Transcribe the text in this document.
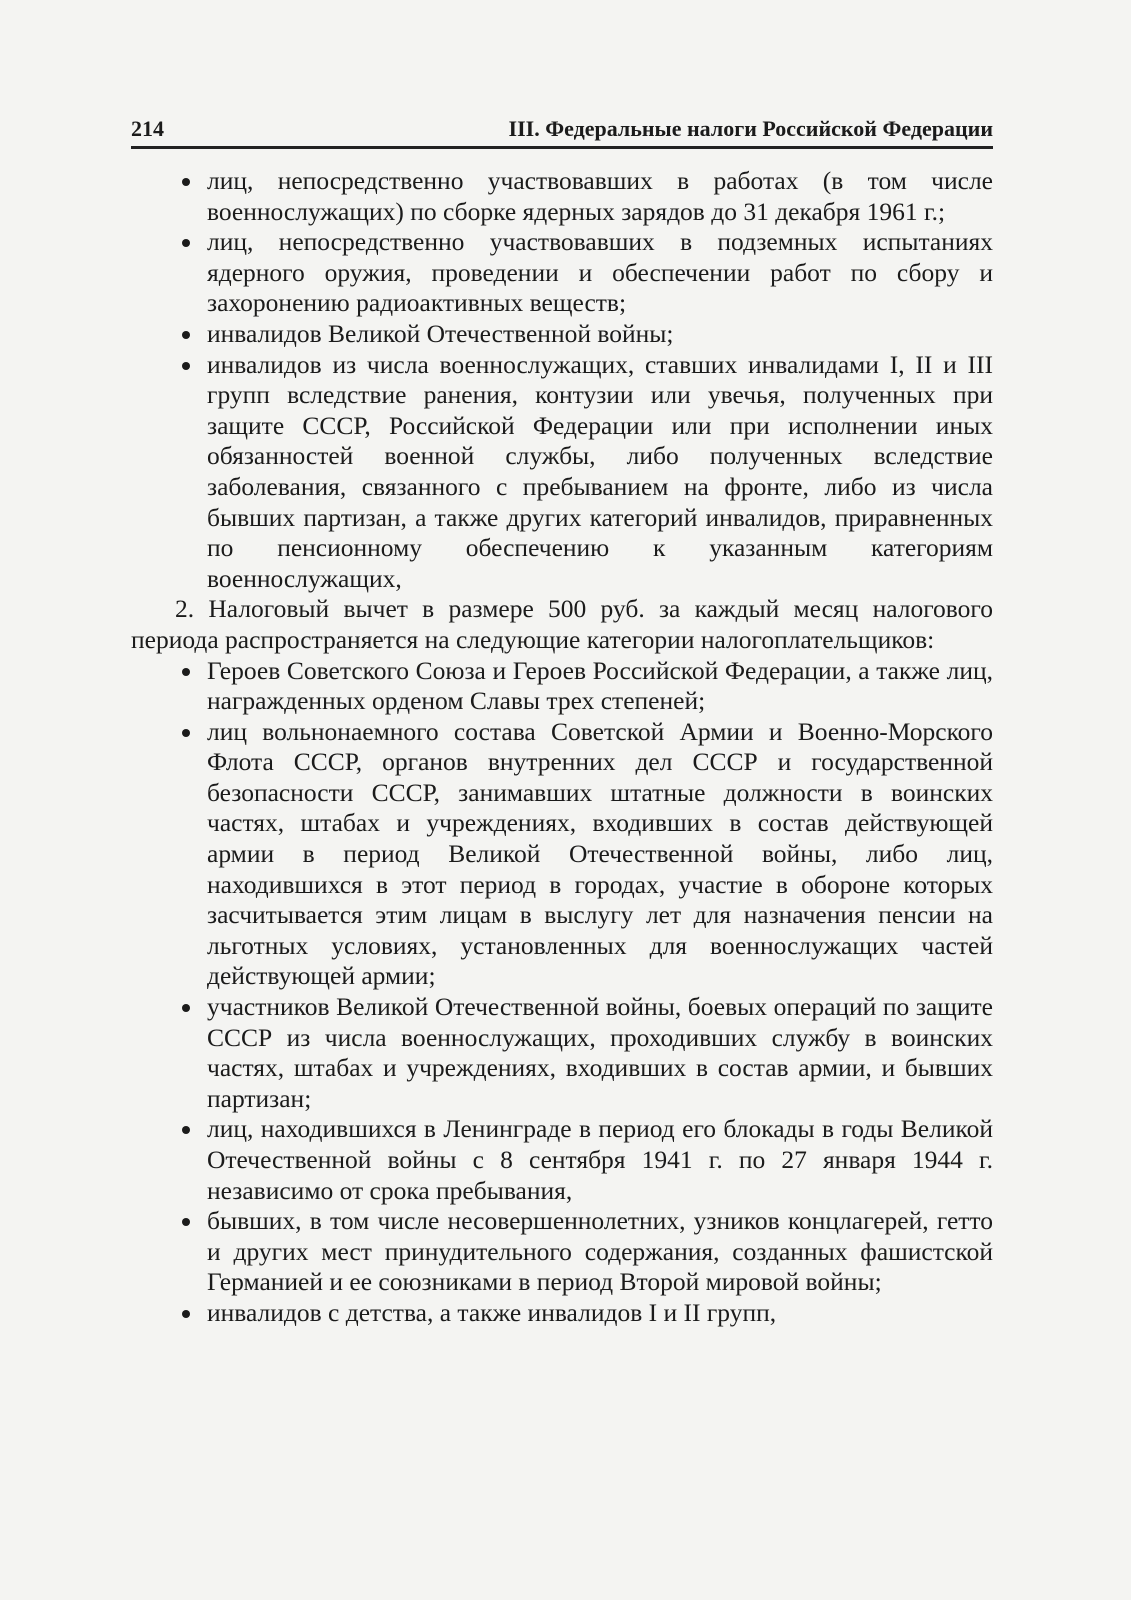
214	III. Федеральные налоги Российской Федерации
лиц, непосредственно участвовавших в работах (в том числе военнослужащих) по сборке ядерных зарядов до 31 декабря 1961 г.;
лиц, непосредственно участвовавших в подземных испытаниях ядерного оружия, проведении и обеспечении работ по сбору и захоронению радиоактивных веществ;
инвалидов Великой Отечественной войны;
инвалидов из числа военнослужащих, ставших инвалидами I, II и III групп вследствие ранения, контузии или увечья, полученных при защите СССР, Российской Федерации или при исполнении иных обязанностей военной службы, либо полученных вследствие заболевания, связанного с пребыванием на фронте, либо из числа бывших партизан, а также других категорий инвалидов, приравненных по пенсионному обеспечению к указанным категориям военнослужащих,

2. Налоговый вычет в размере 500 руб. за каждый месяц налогового периода распространяется на следующие категории налогоплательщиков:

Героев Советского Союза и Героев Российской Федерации, а также лиц, награжденных орденом Славы трех степеней;
лиц вольнонаемного состава Советской Армии и Военно-Морского Флота СССР, органов внутренних дел СССР и государственной безопасности СССР, занимавших штатные должности в воинских частях, штабах и учреждениях, входивших в состав действующей армии в период Великой Отечественной войны, либо лиц, находившихся в этот период в городах, участие в обороне которых засчитывается этим лицам в выслугу лет для назначения пенсии на льготных условиях, установленных для военнослужащих частей действующей армии;
участников Великой Отечественной войны, боевых операций по защите СССР из числа военнослужащих, проходивших службу в воинских частях, штабах и учреждениях, входивших в состав армии, и бывших партизан;
лиц, находившихся в Ленинграде в период его блокады в годы Великой Отечественной войны с 8 сентября 1941 г. по 27 января 1944 г. независимо от срока пребывания,
бывших, в том числе несовершеннолетних, узников концлагерей, гетто и других мест принудительного содержания, созданных фашистской Германией и ее союзниками в период Второй мировой войны;
инвалидов с детства, а также инвалидов I и II групп,
